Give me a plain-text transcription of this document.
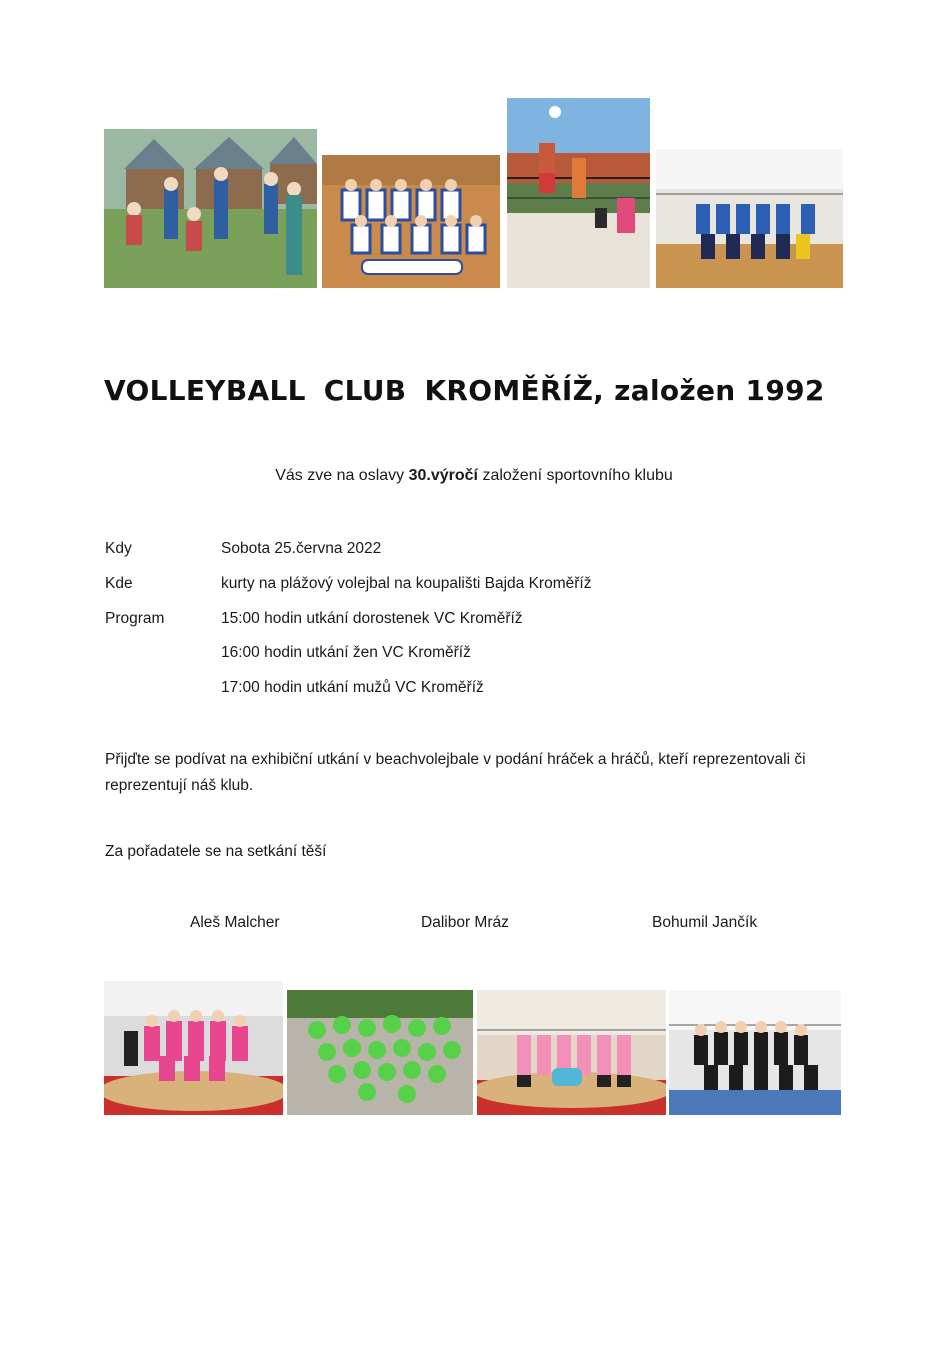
VOLLEYBALL CLUB KROMĚŘÍŽ, založen 1992
Vás zve na oslavy 30.výročí založení sportovního klubu
Kdy	Sobota 25.června 2022
Kde	kurty na plážový volejbal na koupališti Bajda Kroměříž
Program	15:00 hodin utkání dorostenek VC Kroměříž
16:00 hodin utkání žen VC Kroměříž
17:00 hodin utkání mužů VC Kroměříž
Přijďte se podívat na exhibiční utkání v beachvolejbale v podání hráček a hráčů, kteří reprezentovali či reprezentují náš klub.
Za pořadatele se na setkání těší
Aleš Malcher	Dalibor Mráz	Bohumil Jančík
